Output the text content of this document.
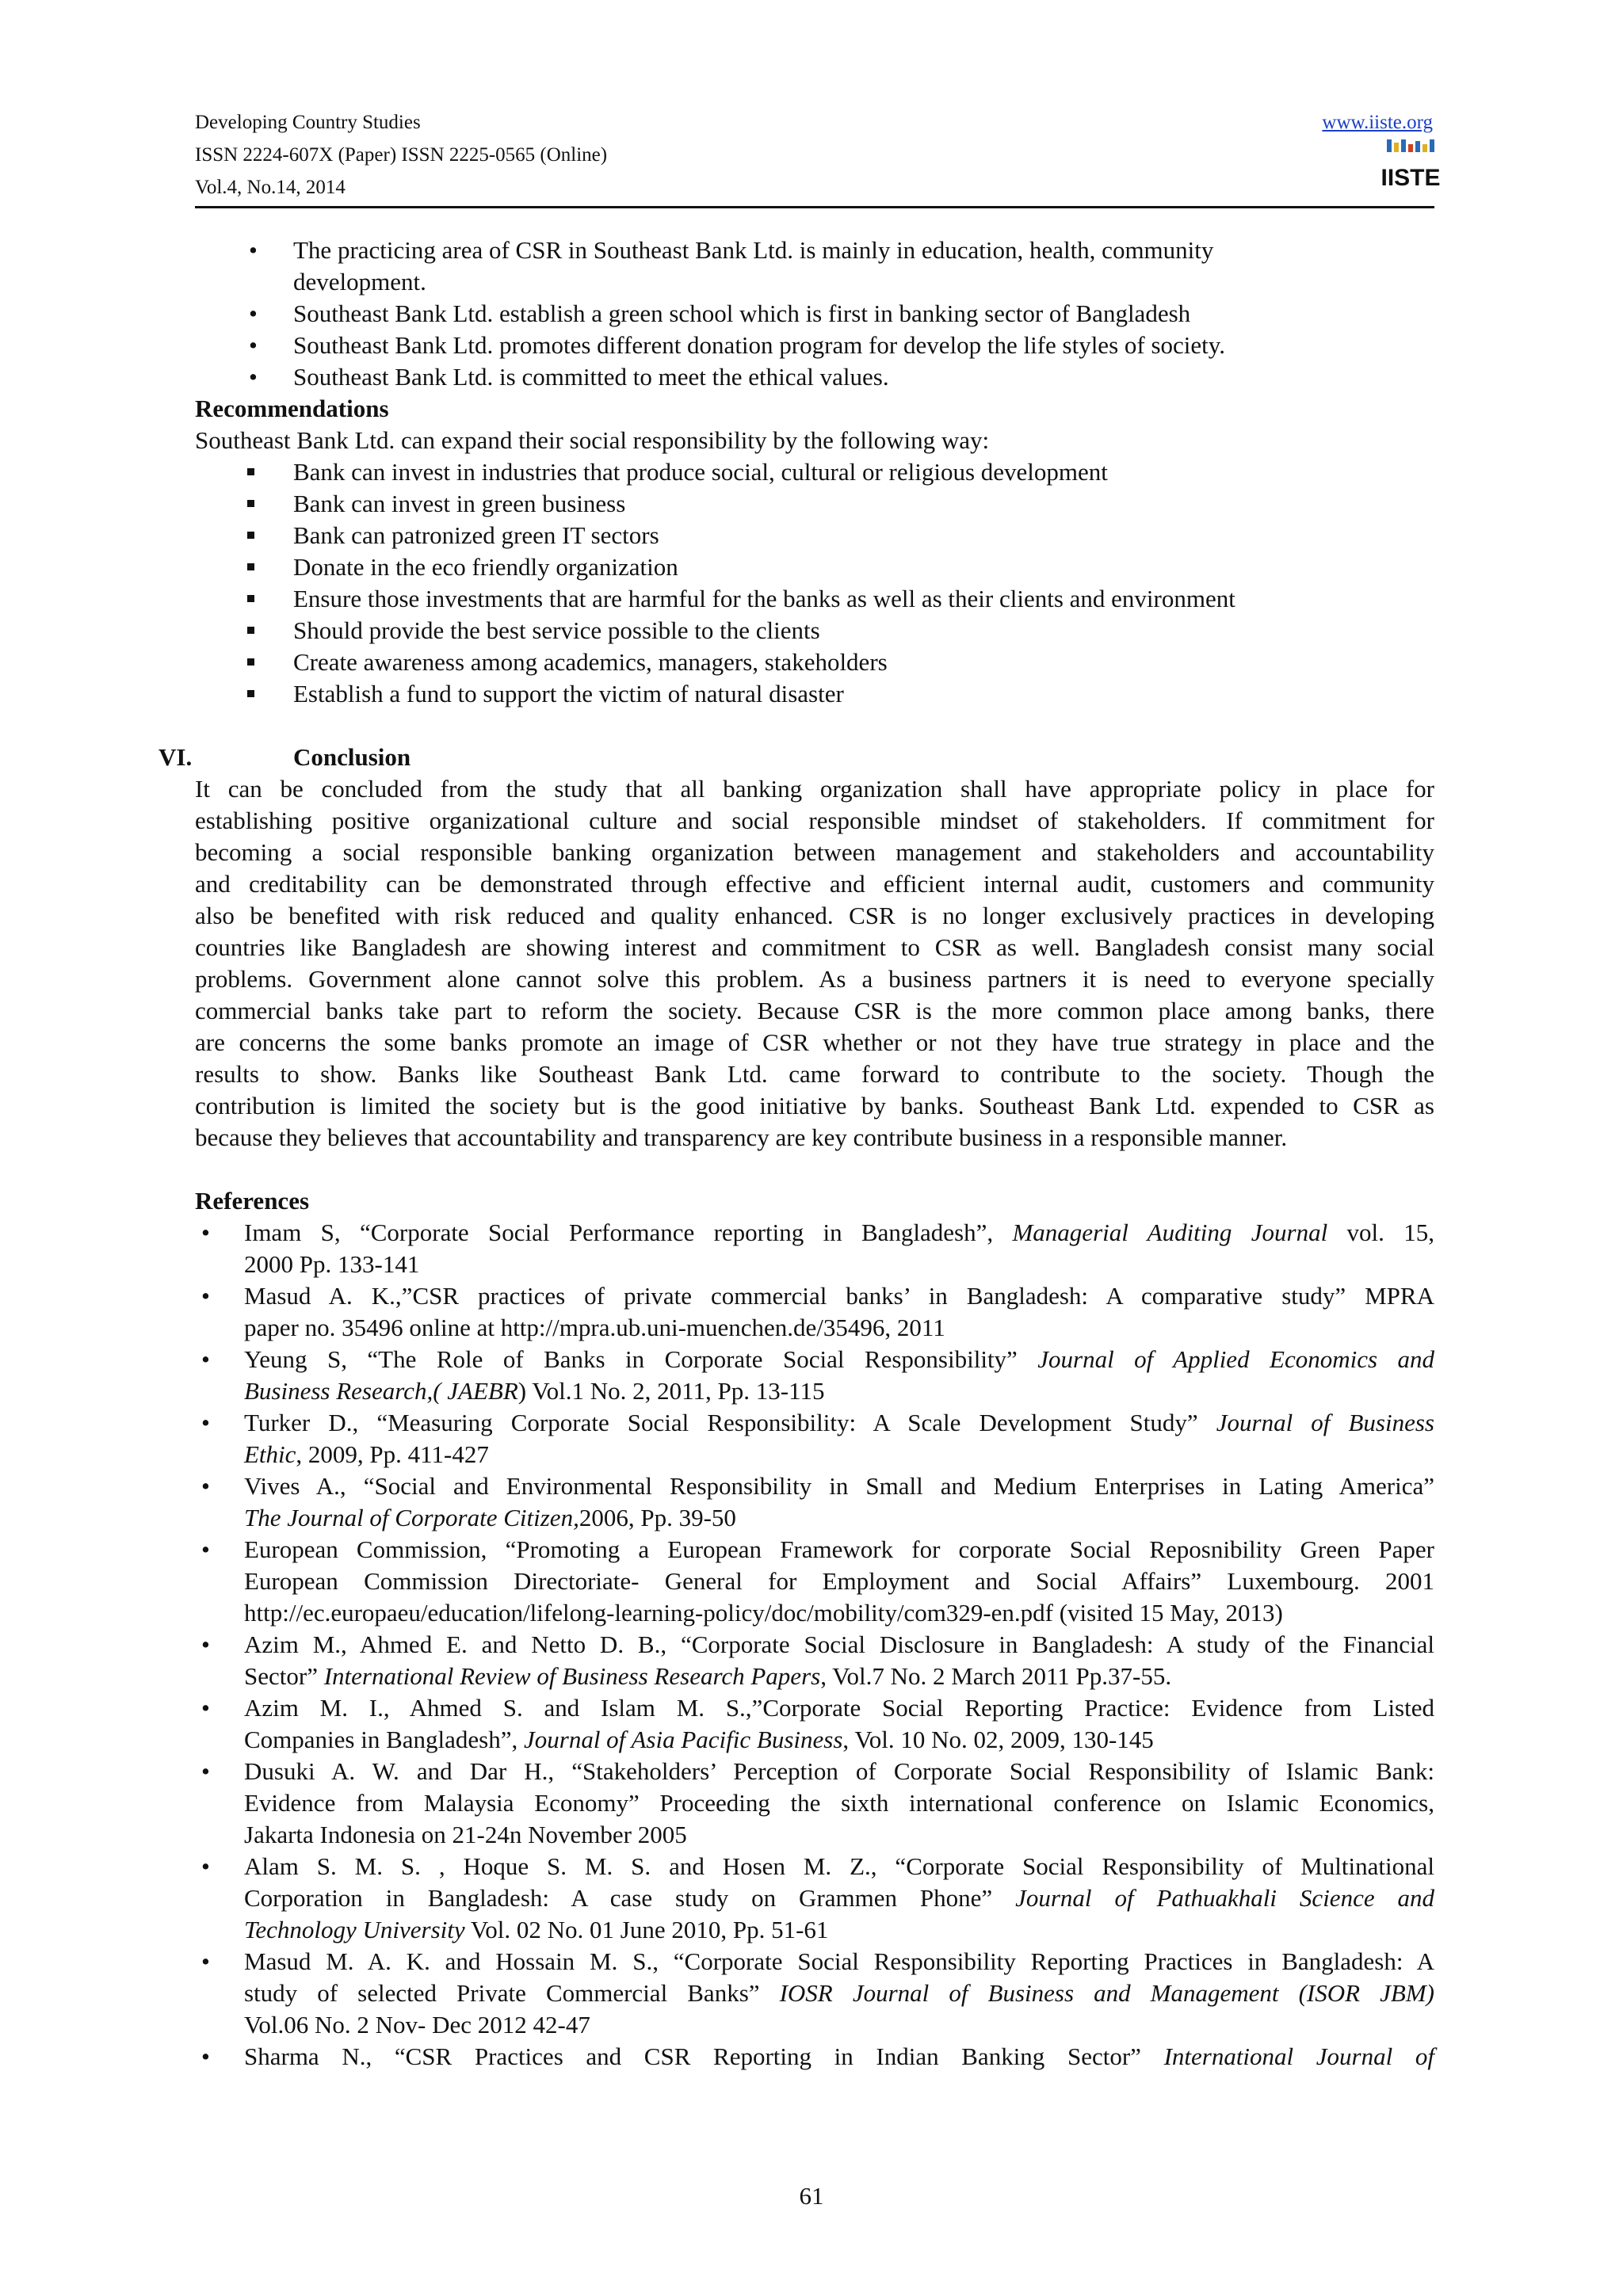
Developing Country Studies
ISSN 2224-607X (Paper) ISSN 2225-0565 (Online)
Vol.4, No.14, 2014
www.iiste.org
IISTE
• The practicing area of CSR in Southeast Bank Ltd. is mainly in education, health, community
development.
• Southeast Bank Ltd. establish a green school which is first in banking sector of Bangladesh
• Southeast Bank Ltd. promotes different donation program for develop the life styles of society.
• Southeast Bank Ltd. is committed to meet the ethical values.
Recommendations
Southeast Bank Ltd. can expand their social responsibility by the following way:
Bank can invest in industries that produce social, cultural or religious development
Bank can invest in green business
Bank can patronized green IT sectors
Donate in the eco friendly organization
Ensure those investments that are harmful for the banks as well as their clients and environment
Should provide the best service possible to the clients
Create awareness among academics, managers, stakeholders
Establish a fund to support the victim of natural disaster
VI.	Conclusion
It can be concluded from the study that all banking organization shall have appropriate policy in place for
establishing positive organizational culture and social responsible mindset of stakeholders. If commitment for
becoming a social responsible banking organization between management and stakeholders and accountability
and creditability can be demonstrated through effective and efficient internal audit, customers and community
also be benefited with risk reduced and quality enhanced. CSR is no longer exclusively practices in developing
countries like Bangladesh are showing interest and commitment to CSR as well. Bangladesh consist many social
problems. Government alone cannot solve this problem. As a business partners it is need to everyone specially
commercial banks take part to reform the society. Because CSR is the more common place among banks, there
are concerns the some banks promote an image of CSR whether or not they have true strategy in place and the
results to show. Banks like Southeast Bank Ltd. came forward to contribute to the society. Though the
contribution is limited the society but is the good initiative by banks. Southeast Bank Ltd. expended to CSR as
because they believes that accountability and transparency are key contribute business in a responsible manner.
References
• Imam S, “Corporate Social Performance reporting in Bangladesh”, Managerial Auditing Journal vol. 15,
2000 Pp. 133-141
• Masud A. K.,”CSR practices of private commercial banks’ in Bangladesh: A comparative study” MPRA
paper no. 35496 online at http://mpra.ub.uni-muenchen.de/35496, 2011
• Yeung S, “The Role of Banks in Corporate Social Responsibility” Journal of Applied Economics and
Business Research,( JAEBR) Vol.1 No. 2, 2011, Pp. 13-115
• Turker D., “Measuring Corporate Social Responsibility: A Scale Development Study” Journal of Business
Ethic, 2009, Pp. 411-427
• Vives A., “Social and Environmental Responsibility in Small and Medium Enterprises in Lating America”
The Journal of Corporate Citizen,2006, Pp. 39-50
• European Commission, “Promoting a European Framework for corporate Social Reposnibility Green Paper
European Commission Directoriate- General for Employment and Social Affairs” Luxembourg. 2001
http://ec.europaeu/education/lifelong-learning-policy/doc/mobility/com329-en.pdf (visited 15 May, 2013)
• Azim M., Ahmed E. and Netto D. B., “Corporate Social Disclosure in Bangladesh: A study of the Financial
Sector” International Review of Business Research Papers, Vol.7 No. 2 March 2011 Pp.37-55.
• Azim M. I., Ahmed S. and Islam M. S.,”Corporate Social Reporting Practice: Evidence from Listed
Companies in Bangladesh”, Journal of Asia Pacific Business, Vol. 10 No. 02, 2009, 130-145
• Dusuki A. W. and Dar H., “Stakeholders’ Perception of Corporate Social Responsibility of Islamic Bank:
Evidence from Malaysia Economy” Proceeding the sixth international conference on Islamic Economics,
Jakarta Indonesia on 21-24n November 2005
• Alam S. M. S. , Hoque S. M. S. and Hosen M. Z., “Corporate Social Responsibility of Multinational
Corporation in Bangladesh: A case study on Grammen Phone” Journal of Pathuakhali Science and
Technology University Vol. 02 No. 01 June 2010, Pp. 51-61
• Masud M. A. K. and Hossain M. S., “Corporate Social Responsibility Reporting Practices in Bangladesh: A
study of selected Private Commercial Banks” IOSR Journal of Business and Management (ISOR JBM)
Vol.06 No. 2 Nov- Dec 2012 42-47
• Sharma N., “CSR Practices and CSR Reporting in Indian Banking Sector” International Journal of
61
